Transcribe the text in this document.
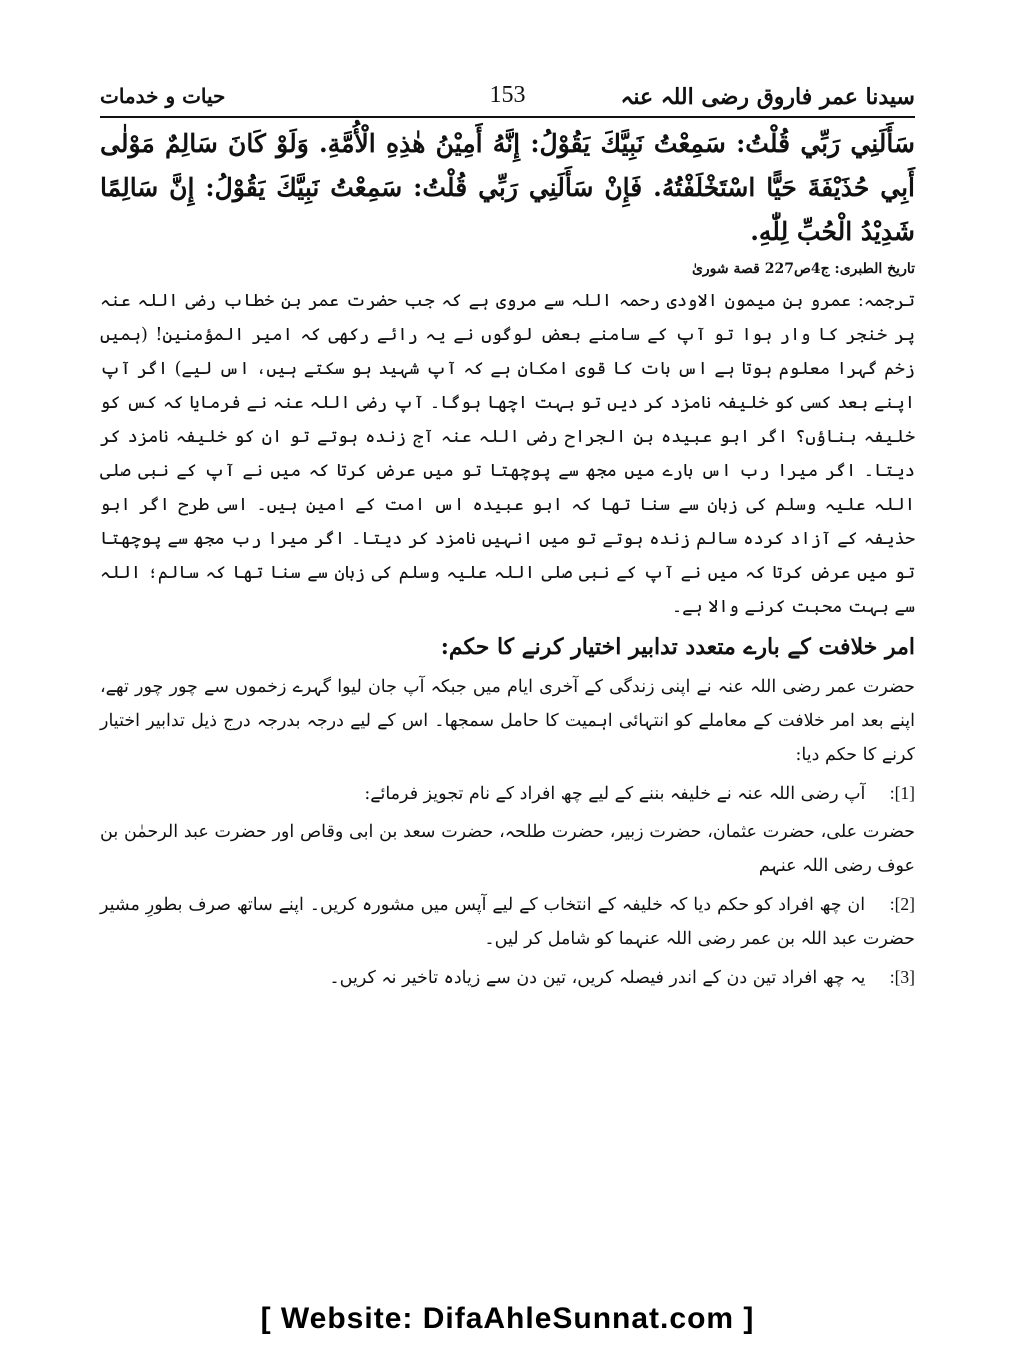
سیدنا عمر فاروق رضی اللہ عنہ
153
حیات و خدمات
سَأَلَنِي رَبِّي قُلْتُ: سَمِعْتُ نَبِيَّكَ يَقُوْلُ: إِنَّهُ أَمِيْنُ هٰذِهِ الْأُمَّةِ. وَلَوْ كَانَ سَالِمٌ مَوْلٰى أَبِي حُذَيْفَةَ حَيًّا اسْتَخْلَفْتُهُ. فَإِنْ سَأَلَنِي رَبِّي قُلْتُ: سَمِعْتُ نَبِيَّكَ يَقُوْلُ: إِنَّ سَالِمًا شَدِيْدُ الْحُبِّ لِلّٰهِ.
تاریخ الطبری: ج4ص227 قصة شوریٰ

ترجمہ: عمرو بن میمون الاودی رحمہ اللہ سے مروی ہے کہ جب حضرت عمر بن خطاب رضی اللہ عنہ پر خنجر کا وار ہوا تو آپ کے سامنے بعض لوگوں نے یہ رائے رکھی کہ امیر المؤمنین! (ہمیں زخم گہرا معلوم ہوتا ہے اس بات کا قوی امکان ہے کہ آپ شہید ہو سکتے ہیں، اس لیے) اگر آپ اپنے بعد کسی کو خلیفہ نامزد کر دیں تو بہت اچھا ہوگا۔ آپ رضی اللہ عنہ نے فرمایا کہ کس کو خلیفہ بناؤں؟ اگر ابو عبیدہ بن الجراح رضی اللہ عنہ آج زندہ ہوتے تو ان کو خلیفہ نامزد کر دیتا۔ اگر میرا رب اس بارے میں مجھ سے پوچھتا تو میں عرض کرتا کہ میں نے آپ کے نبی صلی اللہ علیہ وسلم کی زبان سے سنا تھا کہ ابو عبیدہ اس امت کے امین ہیں۔ اسی طرح اگر ابو حذیفہ کے آزاد کردہ سالم زندہ ہوتے تو میں انہیں نامزد کر دیتا۔ اگر میرا رب مجھ سے پوچھتا تو میں عرض کرتا کہ میں نے آپ کے نبی صلی اللہ علیہ وسلم کی زبان سے سنا تھا کہ سالم؛ اللہ سے بہت محبت کرنے والا ہے۔

امر خلافت کے بارے متعدد تدابیر اختیار کرنے کا حکم:

حضرت عمر رضی اللہ عنہ نے اپنی زندگی کے آخری ایام میں جبکہ آپ جان لیوا گہرے زخموں سے چور چور تھے، اپنے بعد امر خلافت کے معاملے کو انتہائی اہمیت کا حامل سمجھا۔ اس کے لیے درجہ بدرجہ درج ذیل تدابیر اختیار کرنے کا حکم دیا:

[1]: آپ رضی اللہ عنہ نے خلیفہ بننے کے لیے چھ افراد کے نام تجویز فرمائے:
حضرت علی، حضرت عثمان، حضرت زبیر، حضرت طلحہ، حضرت سعد بن ابی وقاص اور حضرت عبد الرحمٰن بن عوف رضی اللہ عنہم
[2]: ان چھ افراد کو حکم دیا کہ خلیفہ کے انتخاب کے لیے آپس میں مشورہ کریں۔ اپنے ساتھ صرف بطورِ مشیر حضرت عبد اللہ بن عمر رضی اللہ عنہما کو شامل کر لیں۔
[3]: یہ چھ افراد تین دن کے اندر فیصلہ کریں، تین دن سے زیادہ تاخیر نہ کریں۔
[ Website: DifaAhleSunnat.com ]
